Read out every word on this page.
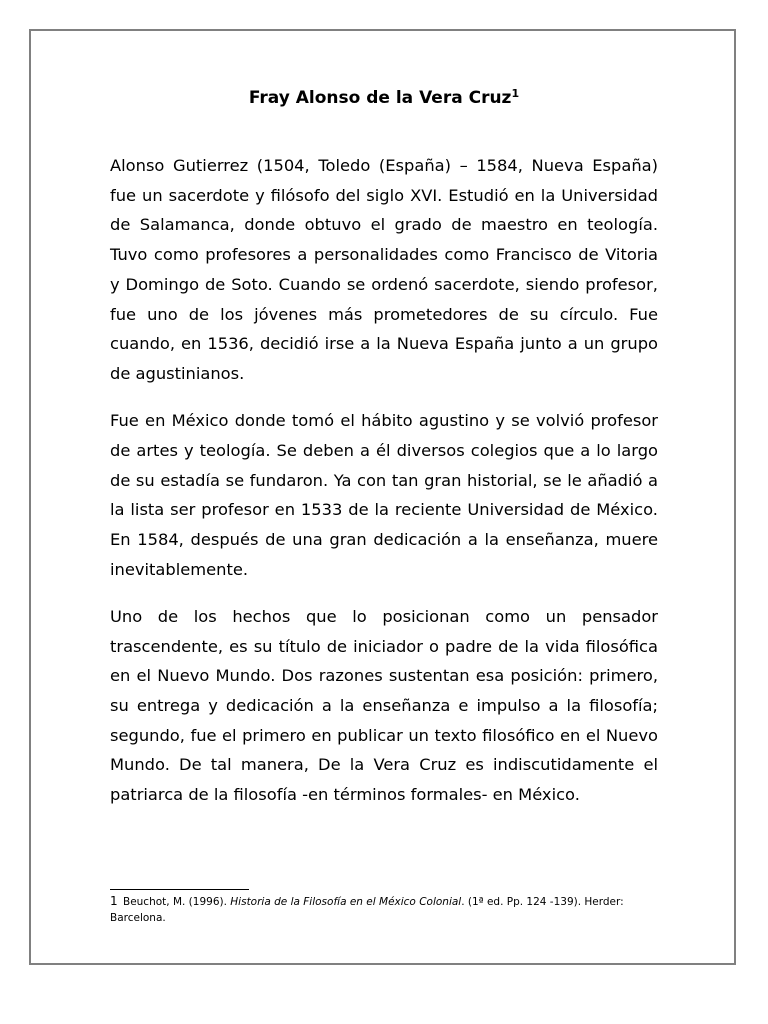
Fray Alonso de la Vera Cruz$^1$

Alonso Gutierrez (1504, Toledo (España) – 1584, Nueva España) fue un sacerdote y filósofo del siglo XVI. Estudió en la Universidad de Salamanca, donde obtuvo el grado de maestro en teología. Tuvo como profesores a personalidades como Francisco de Vitoria y Domingo de Soto. Cuando se ordenó sacerdote, siendo profesor, fue uno de los jóvenes más prometedores de su círculo. Fue cuando, en 1536, decidió irse a la Nueva España junto a un grupo de agustinianos.

Fue en México donde tomó el hábito agustino y se volvió profesor de artes y teología. Se deben a él diversos colegios que a lo largo de su estadía se fundaron. Ya con tan gran historial, se le añadió a la lista ser profesor en 1533 de la reciente Universidad de México. En 1584, después de una gran dedicación a la enseñanza, muere inevitablemente.

Uno de los hechos que lo posicionan como un pensador trascendente, es su título de iniciador o padre de la vida filosófica en el Nuevo Mundo. Dos razones sustentan esa posición: primero, su entrega y dedicación a la enseñanza e impulso a la filosofía; segundo, fue el primero en publicar un texto filosófico en el Nuevo Mundo. De tal manera, De la Vera Cruz es indiscutidamente el patriarca de la filosofía -en términos formales- en México.

1 Beuchot, M. (1996). Historia de la Filosofía en el México Colonial. (1ª ed. Pp. 124 -139). Herder: Barcelona.
